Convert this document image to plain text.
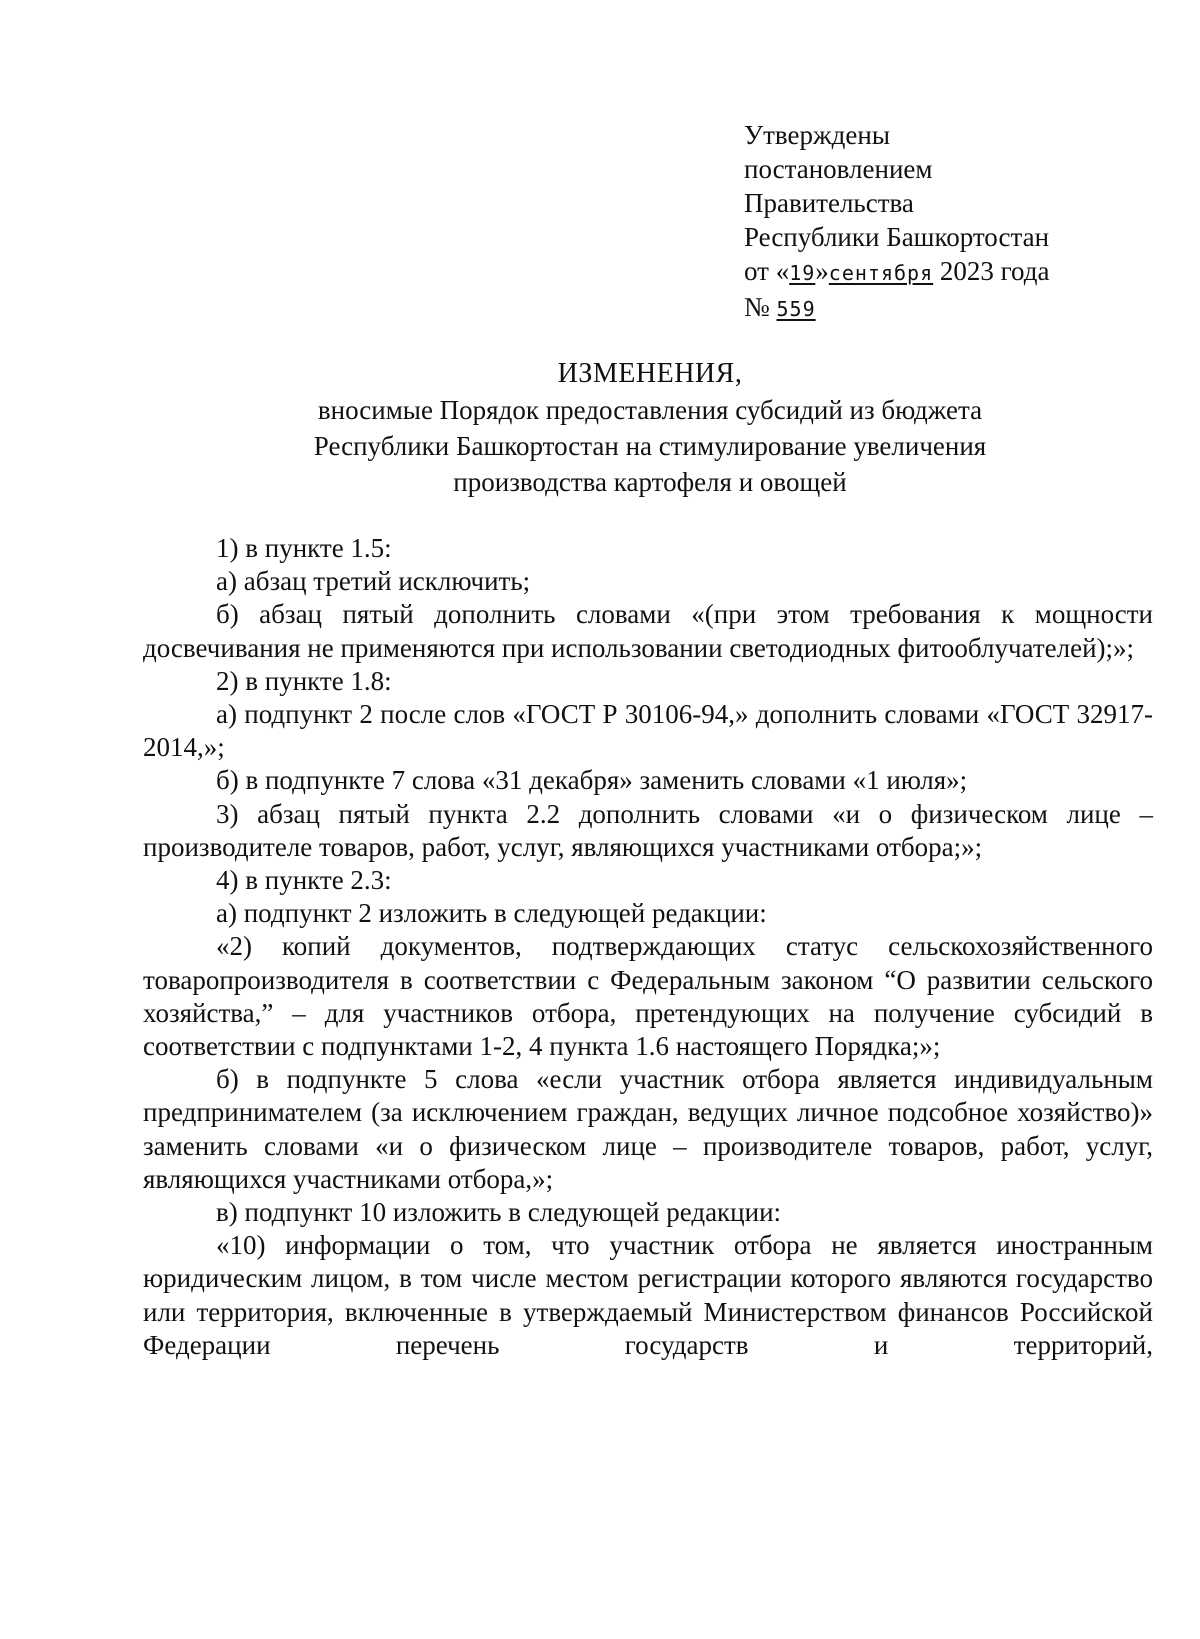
Утверждены
постановлением
Правительства
Республики Башкортостан
от «19»сентября 2023 года
№ 559
ИЗМЕНЕНИЯ,
вносимые Порядок предоставления субсидий из бюджета
Республики Башкортостан на стимулирование увеличения
производства картофеля и овощей

1) в пункте 1.5:

а) абзац третий исключить;

б) абзац пятый дополнить словами «(при этом требования к мощности досвечивания не применяются при использовании светодиодных фитооблучателей);»;

2) в пункте 1.8:

а) подпункт 2 после слов «ГОСТ Р 30106-94,» дополнить словами «ГОСТ 32917-2014,»;

б) в подпункте 7 слова «31 декабря» заменить словами «1 июля»;

3) абзац пятый пункта 2.2 дополнить словами «и о физическом лице – производителе товаров, работ, услуг, являющихся участниками отбора;»;

4) в пункте 2.3:

а) подпункт 2 изложить в следующей редакции:

«2) копий документов, подтверждающих статус сельскохозяйственного товаропроизводителя в соответствии с Федеральным законом “О развитии сельского хозяйства,” – для участников отбора, претендующих на получение субсидий в соответствии с подпунктами 1-2, 4 пункта 1.6 настоящего Порядка;»;

б) в подпункте 5 слова «если участник отбора является индивидуальным предпринимателем (за исключением граждан, ведущих личное подсобное хозяйство)» заменить словами «и о физическом лице – производителе товаров, работ, услуг, являющихся участниками отбора,»;

в) подпункт 10 изложить в следующей редакции:

«10) информации о том, что участник отбора не является иностранным юридическим лицом, в том числе местом регистрации которого являются государство или территория, включенные в утверждаемый Министерством финансов Российской Федерации перечень государств и территорий,
